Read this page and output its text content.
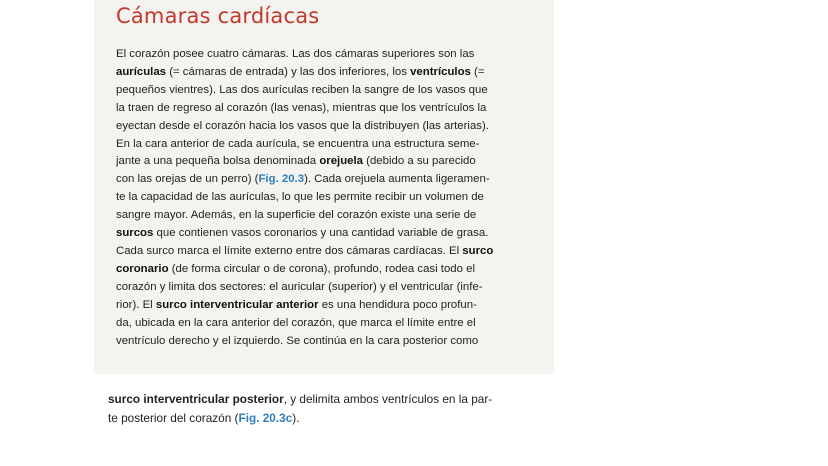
Cámaras cardíacas
El corazón posee cuatro cámaras. Las dos cámaras superiores son las
aurículas (= cámaras de entrada) y las dos inferiores, los ventrículos (=
pequeños vientres). Las dos aurículas reciben la sangre de los vasos que
la traen de regreso al corazón (las venas), mientras que los ventrículos la
eyectan desde el corazón hacia los vasos que la distribuyen (las arterias).
En la cara anterior de cada aurícula, se encuentra una estructura seme-
jante a una pequeña bolsa denominada orejuela (debido a su parecido
con las orejas de un perro) (Fig. 20.3). Cada orejuela aumenta ligeramen-
te la capacidad de las aurículas, lo que les permite recibir un volumen de
sangre mayor. Además, en la superficie del corazón existe una serie de
surcos que contienen vasos coronarios y una cantidad variable de grasa.
Cada surco marca el límite externo entre dos cámaras cardíacas. El surco
coronario (de forma circular o de corona), profundo, rodea casi todo el
corazón y limita dos sectores: el auricular (superior) y el ventricular (infe-
rior). El surco interventricular anterior es una hendidura poco profun-
da, ubicada en la cara anterior del corazón, que marca el límite entre el
ventrículo derecho y el izquierdo. Se continúa en la cara posterior como
surco interventricular posterior, y delimita ambos ventrículos en la par-
te posterior del corazón (Fig. 20.3c).
